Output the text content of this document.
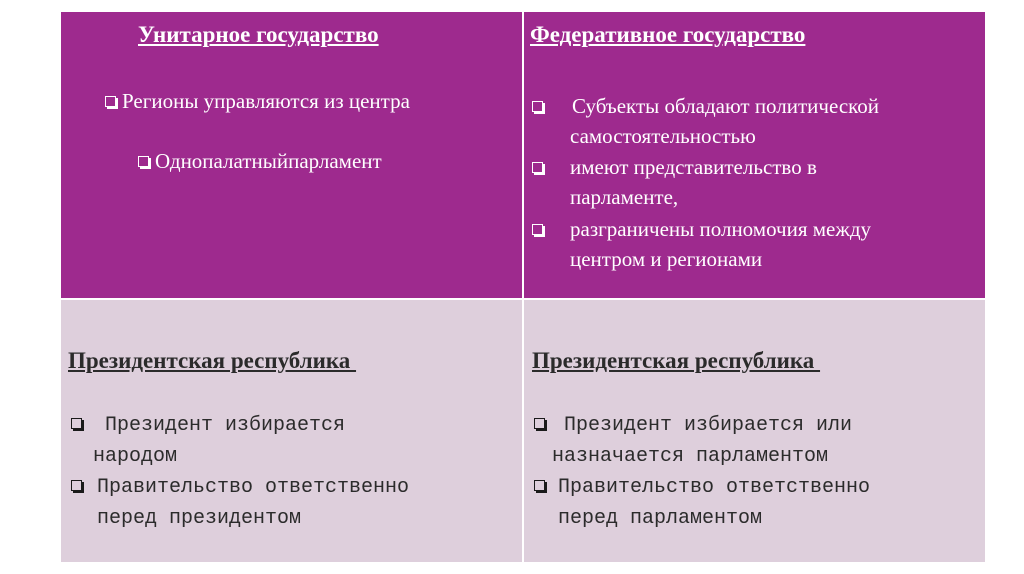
Унитарное государство
Регионы управляются из центра
Однопалатныйпарламент
Федеративное государство
Субъекты обладают политической
самостоятельностью
имеют представительство в
парламенте,
разграничены полномочия между
центром и регионами
Президентская республика
Президент избирается
народом
Правительство ответственно
перед президентом
Президентская республика
Президент избирается или
назначается парламентом
Правительство ответственно
перед парламентом
